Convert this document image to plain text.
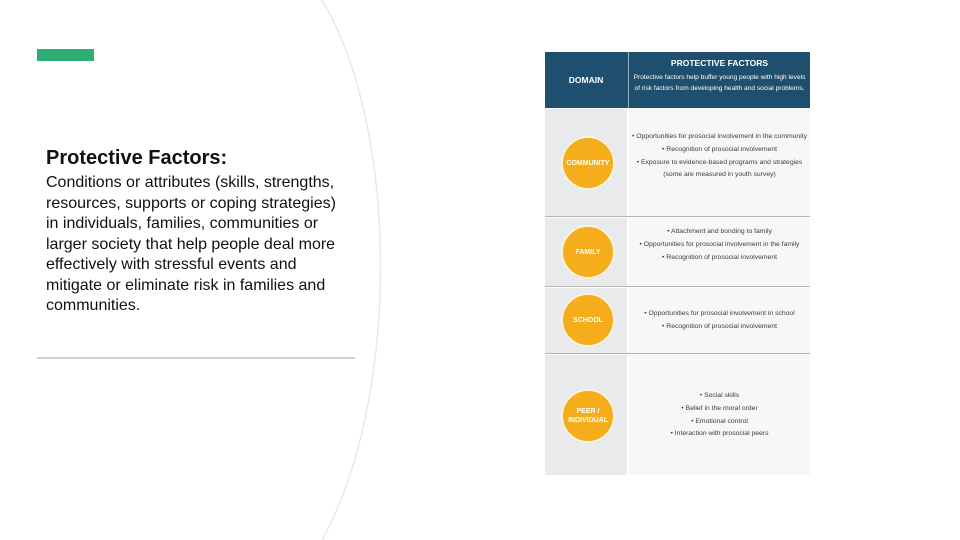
Protective Factors:

Conditions or attributes (skills, strengths, resources, supports or coping strategies) in individuals, families, communities or larger society that help people deal more effectively with stressful events and mitigate or eliminate risk in families and communities.

DOMAIN
PROTECTIVE FACTORS
Protective factors help buffer young people with high levels of risk factors from developing health and social problems.
COMMUNITY
• Opportunities for prosocial involvement in the community
• Recognition of prosocial involvement
• Exposure to evidence-based programs and strategies (some are measured in youth survey)
FAMILY
• Attachment and bonding to family
• Opportunities for prosocial involvement in the family
• Recognition of prosocial involvement
SCHOOL
• Opportunities for prosocial involvement in school
• Recognition of prosocial involvement
PEER / INDIVIDUAL
• Social skills
• Belief in the moral order
• Emotional control
• Interaction with prosocial peers
